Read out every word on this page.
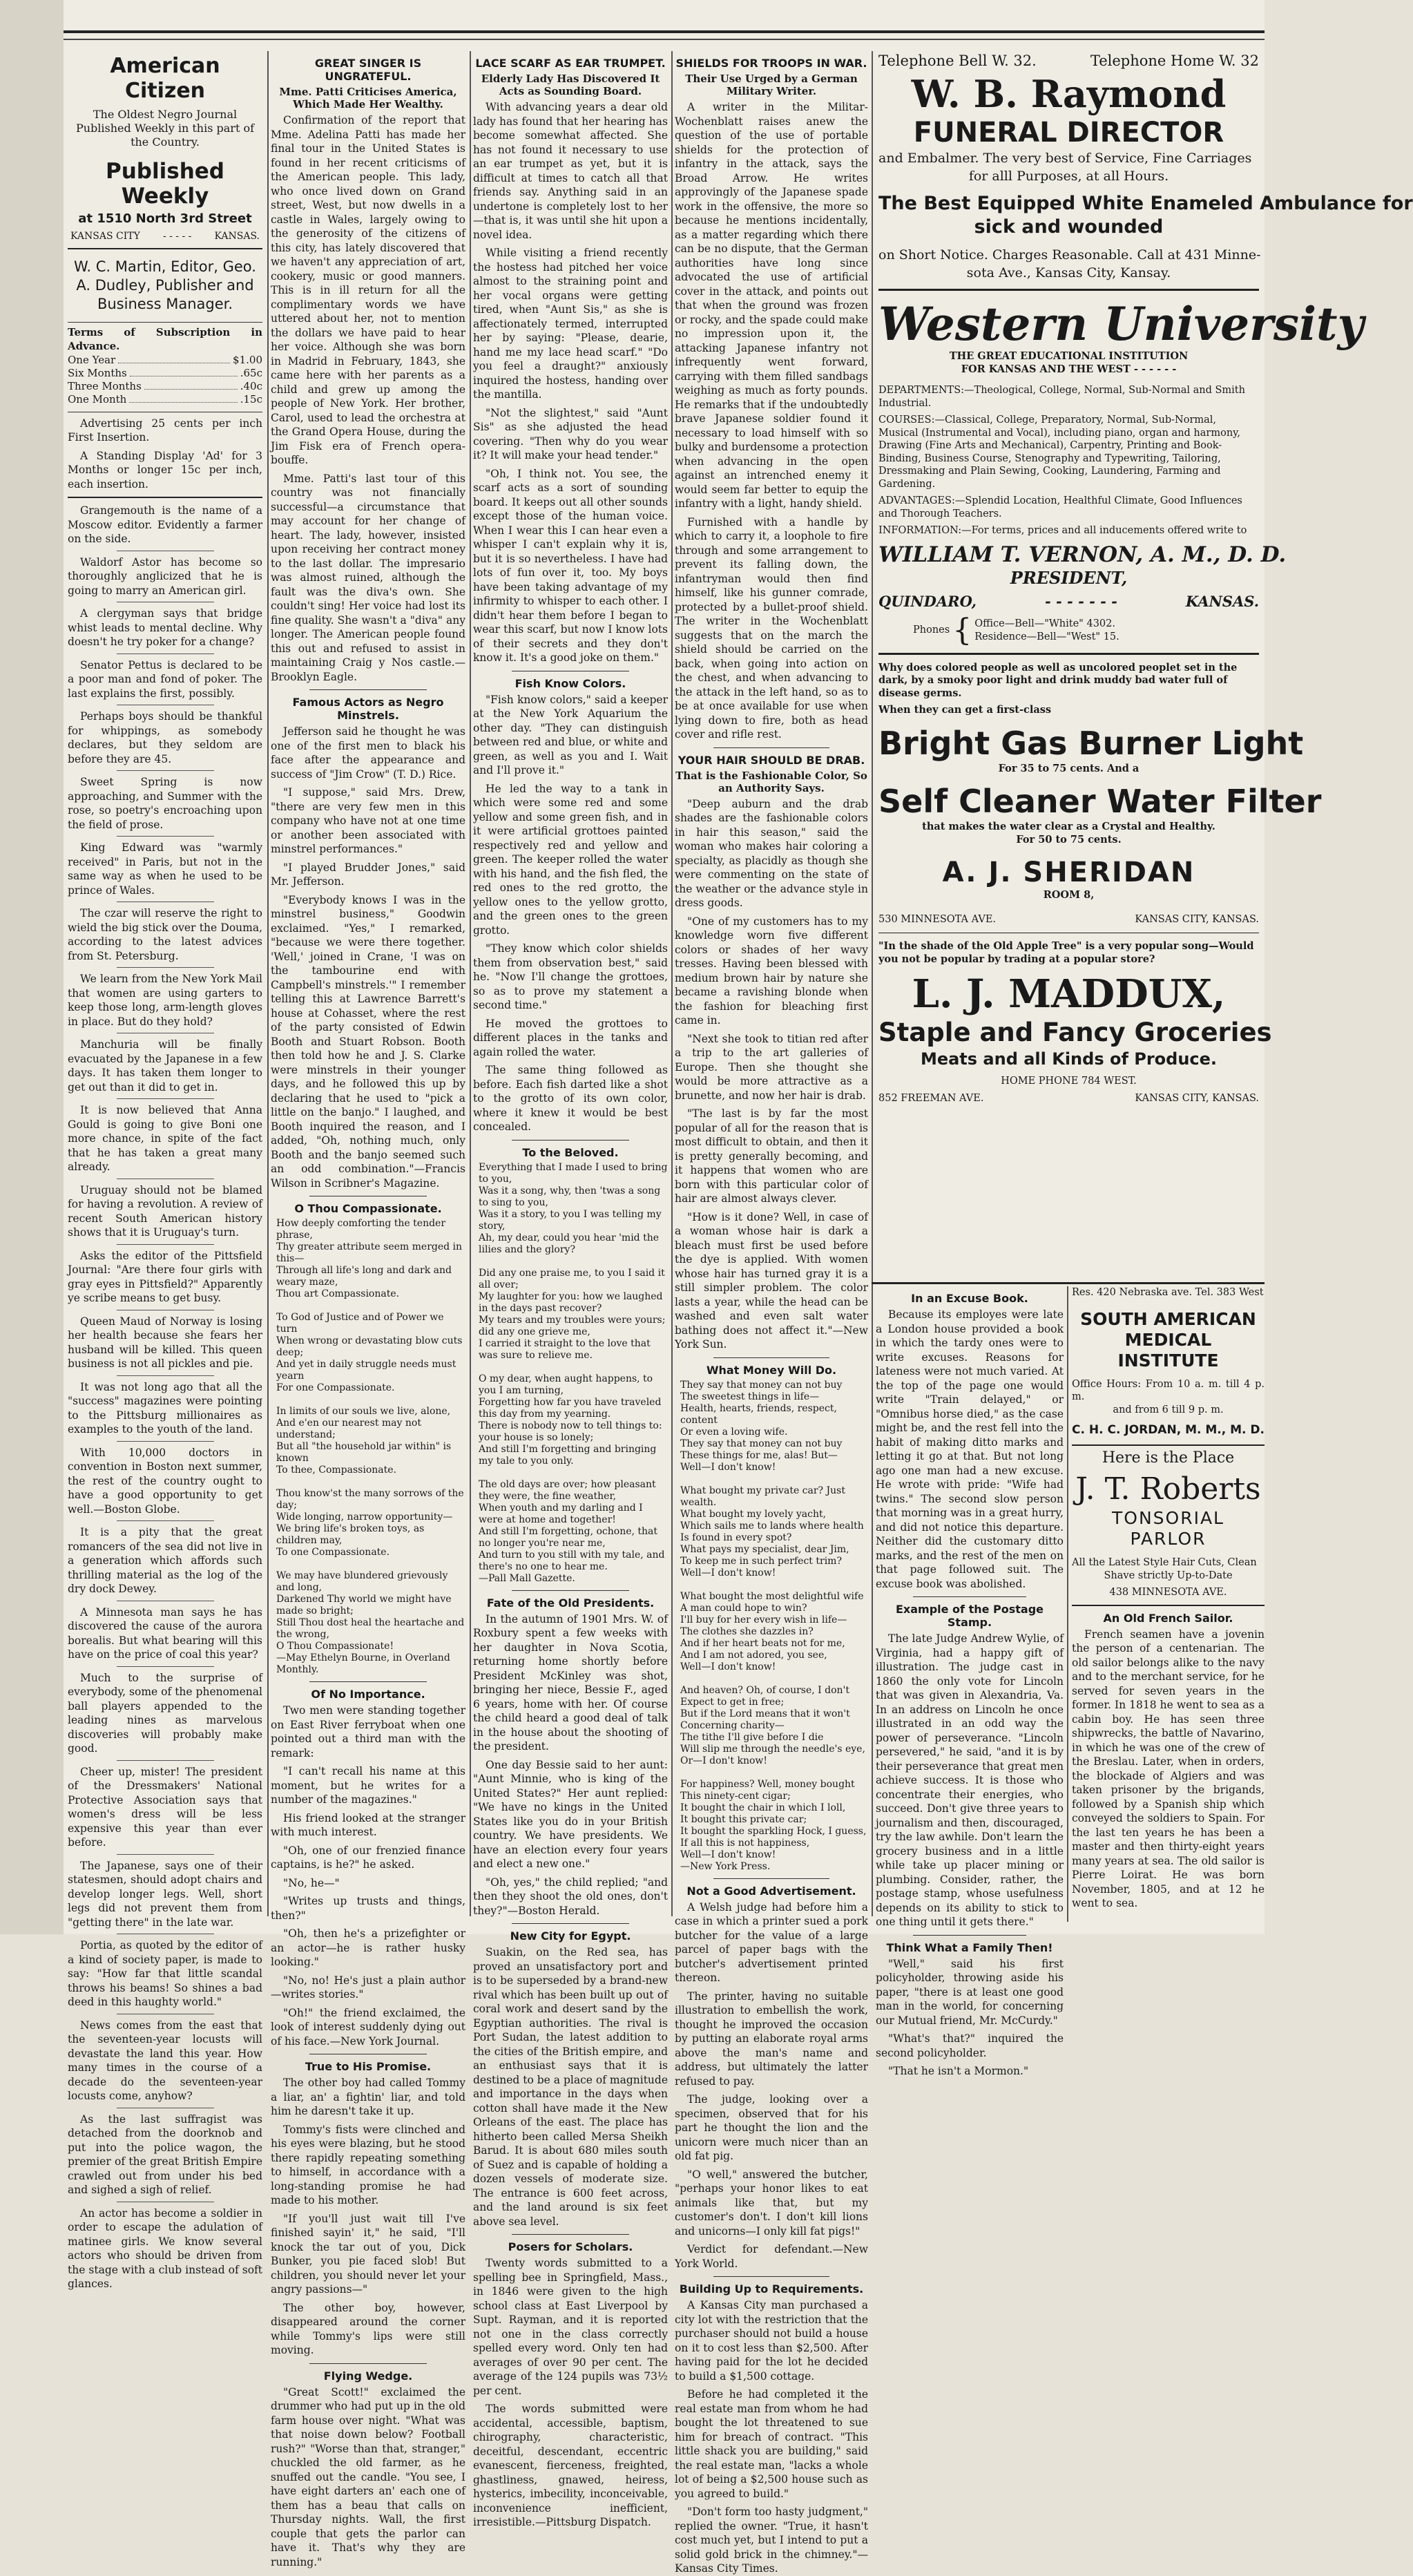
American Citizen
The Oldest Negro Journal Published Weekly in this part of the Country.
Published Weekly
at 1510 North 3rd Street
KANSAS CITY - - - - - KANSAS.
W. C. Martin, Editor, Geo. A. Dudley, Publisher and Business Manager.
Terms of Subscription in Advance.
One Year	$1.00
Six Months	.65c
Three Months	.40c
One Month	.15c

Advertising 25 cents per inch First Insertion.

A Standing Display 'Ad' for 3 Months or longer 15c per inch, each insertion.

Grangemouth is the name of a Moscow editor. Evidently a farmer on the side.

Waldorf Astor has become so thoroughly anglicized that he is going to marry an American girl.

A clergyman says that bridge whist leads to mental decline. Why doesn't he try poker for a change?

Senator Pettus is declared to be a poor man and fond of poker. The last explains the first, possibly.

Perhaps boys should be thankful for whippings, as somebody declares, but they seldom are before they are 45.

Sweet Spring is now approaching, and Summer with the rose, so poetry's encroaching upon the field of prose.

King Edward was "warmly received" in Paris, but not in the same way as when he used to be prince of Wales.

The czar will reserve the right to wield the big stick over the Douma, according to the latest advices from St. Petersburg.

We learn from the New York Mail that women are using garters to keep those long, arm-length gloves in place. But do they hold?

Manchuria will be finally evacuated by the Japanese in a few days. It has taken them longer to get out than it did to get in.

It is now believed that Anna Gould is going to give Boni one more chance, in spite of the fact that he has taken a great many already.

Uruguay should not be blamed for having a revolution. A review of recent South American history shows that it is Uruguay's turn.

Asks the editor of the Pittsfield Journal: "Are there four girls with gray eyes in Pittsfield?" Apparently ye scribe means to get busy.

Queen Maud of Norway is losing her health because she fears her husband will be killed. This queen business is not all pickles and pie.

It was not long ago that all the "success" magazines were pointing to the Pittsburg millionaires as examples to the youth of the land.

With 10,000 doctors in convention in Boston next summer, the rest of the country ought to have a good opportunity to get well.—Boston Globe.

It is a pity that the great romancers of the sea did not live in a generation which affords such thrilling material as the log of the dry dock Dewey.

A Minnesota man says he has discovered the cause of the aurora borealis. But what bearing will this have on the price of coal this year?

Much to the surprise of everybody, some of the phenomenal ball players appended to the leading nines as marvelous discoveries will probably make good.

Cheer up, mister! The president of the Dressmakers' National Protective Association says that women's dress will be less expensive this year than ever before.

The Japanese, says one of their statesmen, should adopt chairs and develop longer legs. Well, short legs did not prevent them from "getting there" in the late war.

Portia, as quoted by the editor of a kind of society paper, is made to say: "How far that little scandal throws his beams! So shines a bad deed in this haughty world."

News comes from the east that the seventeen-year locusts will devastate the land this year. How many times in the course of a decade do the seventeen-year locusts come, anyhow?

As the last suffragist was detached from the doorknob and put into the police wagon, the premier of the great British Empire crawled out from under his bed and sighed a sigh of relief.

An actor has become a soldier in order to escape the adulation of matinee girls. We know several actors who should be driven from the stage with a club instead of soft glances.

GREAT SINGER IS UNGRATEFUL.
Mme. Patti Criticises America, Which Made Her Wealthy.

Confirmation of the report that Mme. Adelina Patti has made her final tour in the United States is found in her recent criticisms of the American people. This lady, who once lived down on Grand street, West, but now dwells in a castle in Wales, largely owing to the generosity of the citizens of this city, has lately discovered that we haven't any appreciation of art, cookery, music or good manners. This is in ill return for all the complimentary words we have uttered about her, not to mention the dollars we have paid to hear her voice. Although she was born in Madrid in February, 1843, she came here with her parents as a child and grew up among the people of New York. Her brother, Carol, used to lead the orchestra at the Grand Opera House, during the Jim Fisk era of French opera-bouffe.

Mme. Patti's last tour of this country was not financially successful—a circumstance that may account for her change of heart. The lady, however, insisted upon receiving her contract money to the last dollar. The impresario was almost ruined, although the fault was the diva's own. She couldn't sing! Her voice had lost its fine quality. She wasn't a "diva" any longer. The American people found this out and refused to assist in maintaining Craig y Nos castle.—Brooklyn Eagle.

Famous Actors as Negro Minstrels.

Jefferson said he thought he was one of the first men to black his face after the appearance and success of "Jim Crow" (T. D.) Rice.

"I suppose," said Mrs. Drew, "there are very few men in this company who have not at one time or another been associated with minstrel performances."

"I played Brudder Jones," said Mr. Jefferson.

"Everybody knows I was in the minstrel business," Goodwin exclaimed. "Yes," I remarked, "because we were there together. 'Well,' joined in Crane, 'I was on the tambourine end with Campbell's minstrels.'" I remember telling this at Lawrence Barrett's house at Cohasset, where the rest of the party consisted of Edwin Booth and Stuart Robson. Booth then told how he and J. S. Clarke were minstrels in their younger days, and he followed this up by declaring that he used to "pick a little on the banjo." I laughed, and Booth inquired the reason, and I added, "Oh, nothing much, only Booth and the banjo seemed such an odd combination."—Francis Wilson in Scribner's Magazine.

O Thou Compassionate.
How deeply comforting the tender phrase,
Thy greater attribute seem merged in this—
Through all life's long and dark and weary maze,
Thou art Compassionate.

To God of Justice and of Power we turn
When wrong or devastating blow cuts deep;
And yet in daily struggle needs must yearn
For one Compassionate.

In limits of our souls we live, alone,
And e'en our nearest may not understand;
But all "the household jar within" is known
To thee, Compassionate.

Thou know'st the many sorrows of the day;
Wide longing, narrow opportunity—
We bring life's broken toys, as children may,
To one Compassionate.

We may have blundered grievously and long,
Darkened Thy world we might have made so bright;
Still Thou dost heal the heartache and the wrong,
O Thou Compassionate!
—May Ethelyn Bourne, in Overland Monthly.
Of No Importance.

Two men were standing together on East River ferryboat when one pointed out a third man with the remark:

"I can't recall his name at this moment, but he writes for a number of the magazines."

His friend looked at the stranger with much interest.

"Oh, one of our frenzied finance captains, is he?" he asked.

"No, he—"

"Writes up trusts and things, then?"

"Oh, then he's a prizefighter or an actor—he is rather husky looking."

"No, no! He's just a plain author—writes stories."

"Oh!" the friend exclaimed, the look of interest suddenly dying out of his face.—New York Journal.

True to His Promise.

The other boy had called Tommy a liar, an' a fightin' liar, and told him he daresn't take it up.

Tommy's fists were clinched and his eyes were blazing, but he stood there rapidly repeating something to himself, in accordance with a long-standing promise he had made to his mother.

"If you'll just wait till I've finished sayin' it," he said, "I'll knock the tar out of you, Dick Bunker, you pie faced slob! But children, you should never let your angry passions—"

The other boy, however, disappeared around the corner while Tommy's lips were still moving.

Flying Wedge.

"Great Scott!" exclaimed the drummer who had put up in the old farm house over night. "What was that noise down below? Football rush?" "Worse than that, stranger," chuckled the old farmer, as he snuffed out the candle. "You see, I have eight darters an' each one of them has a beau that calls on Thursday nights. Wall, the first couple that gets the parlor can have it. That's why they are running."

LACE SCARF AS EAR TRUMPET.
Elderly Lady Has Discovered It Acts as Sounding Board.

With advancing years a dear old lady has found that her hearing has become somewhat affected. She has not found it necessary to use an ear trumpet as yet, but it is difficult at times to catch all that friends say. Anything said in an undertone is completely lost to her—that is, it was until she hit upon a novel idea.

While visiting a friend recently the hostess had pitched her voice almost to the straining point and her vocal organs were getting tired, when "Aunt Sis," as she is affectionately termed, interrupted her by saying: "Please, dearie, hand me my lace head scarf." "Do you feel a draught?" anxiously inquired the hostess, handing over the mantilla.

"Not the slightest," said "Aunt Sis" as she adjusted the head covering. "Then why do you wear it? It will make your head tender."

"Oh, I think not. You see, the scarf acts as a sort of sounding board. It keeps out all other sounds except those of the human voice. When I wear this I can hear even a whisper I can't explain why it is, but it is so nevertheless. I have had lots of fun over it, too. My boys have been taking advantage of my infirmity to whisper to each other. I didn't hear them before I began to wear this scarf, but now I know lots of their secrets and they don't know it. It's a good joke on them."

Fish Know Colors.

"Fish know colors," said a keeper at the New York Aquarium the other day. "They can distinguish between red and blue, or white and green, as well as you and I. Wait and I'll prove it."

He led the way to a tank in which were some red and some yellow and some green fish, and in it were artificial grottoes painted respectively red and yellow and green. The keeper rolled the water with his hand, and the fish fled, the red ones to the red grotto, the yellow ones to the yellow grotto, and the green ones to the green grotto.

"They know which color shields them from observation best," said he. "Now I'll change the grottoes, so as to prove my statement a second time."

He moved the grottoes to different places in the tanks and again rolled the water.

The same thing followed as before. Each fish darted like a shot to the grotto of its own color, where it knew it would be best concealed.

To the Beloved.
Everything that I made I used to bring to you,
Was it a song, why, then 'twas a song to sing to you,
Was it a story, to you I was telling my story,
Ah, my dear, could you hear 'mid the lilies and the glory?

Did any one praise me, to you I said it all over;
My laughter for you: how we laughed in the days past recover?
My tears and my troubles were yours; did any one grieve me,
I carried it straight to the love that was sure to relieve me.

O my dear, when aught happens, to you I am turning,
Forgetting how far you have traveled this day from my yearning.
There is nobody now to tell things to: your house is so lonely;
And still I'm forgetting and bringing my tale to you only.

The old days are over; how pleasant they were, the fine weather,
When youth and my darling and I were at home and together!
And still I'm forgetting, ochone, that no longer you're near me,
And turn to you still with my tale, and there's no one to hear me.
—Pall Mall Gazette.
Fate of the Old Presidents.

In the autumn of 1901 Mrs. W. of Roxbury spent a few weeks with her daughter in Nova Scotia, returning home shortly before President McKinley was shot, bringing her niece, Bessie F., aged 6 years, home with her. Of course the child heard a good deal of talk in the house about the shooting of the president.

One day Bessie said to her aunt: "Aunt Minnie, who is king of the United States?" Her aunt replied: "We have no kings in the United States like you do in your British country. We have presidents. We have an election every four years and elect a new one."

"Oh, yes," the child replied; "and then they shoot the old ones, don't they?"—Boston Herald.

New City for Egypt.

Suakin, on the Red sea, has proved an unsatisfactory port and is to be superseded by a brand-new rival which has been built up out of coral work and desert sand by the Egyptian authorities. The rival is Port Sudan, the latest addition to the cities of the British empire, and an enthusiast says that it is destined to be a place of magnitude and importance in the days when cotton shall have made it the New Orleans of the east. The place has hitherto been called Mersa Sheikh Barud. It is about 680 miles south of Suez and is capable of holding a dozen vessels of moderate size. The entrance is 600 feet across, and the land around is six feet above sea level.

Posers for Scholars.

Twenty words submitted to a spelling bee in Springfield, Mass., in 1846 were given to the high school class at East Liverpool by Supt. Rayman, and it is reported not one in the class correctly spelled every word. Only ten had averages of over 90 per cent. The average of the 124 pupils was 73½ per cent.

The words submitted were accidental, accessible, baptism, chirography, characteristic, deceitful, descendant, eccentric evanescent, fierceness, freighted, ghastliness, gnawed, heiress, hysterics, imbecility, inconceivable, inconvenience inefficient, irresistible.—Pittsburg Dispatch.

SHIELDS FOR TROOPS IN WAR.
Their Use Urged by a German Military Writer.

A writer in the Militar-Wochenblatt raises anew the question of the use of portable shields for the protection of infantry in the attack, says the Broad Arrow. He writes approvingly of the Japanese spade work in the offensive, the more so because he mentions incidentally, as a matter regarding which there can be no dispute, that the German authorities have long since advocated the use of artificial cover in the attack, and points out that when the ground was frozen or rocky, and the spade could make no impression upon it, the attacking Japanese infantry not infrequently went forward, carrying with them filled sandbags weighing as much as forty pounds. He remarks that if the undoubtedly brave Japanese soldier found it necessary to load himself with so bulky and burdensome a protection when advancing in the open against an intrenched enemy it would seem far better to equip the infantry with a light, handy shield.

Furnished with a handle by which to carry it, a loophole to fire through and some arrangement to prevent its falling down, the infantryman would then find himself, like his gunner comrade, protected by a bullet-proof shield. The writer in the Wochenblatt suggests that on the march the shield should be carried on the back, when going into action on the chest, and when advancing to the attack in the left hand, so as to be at once available for use when lying down to fire, both as head cover and rifle rest.

YOUR HAIR SHOULD BE DRAB.
That is the Fashionable Color, So an Authority Says.

"Deep auburn and the drab shades are the fashionable colors in hair this season," said the woman who makes hair coloring a specialty, as placidly as though she were commenting on the state of the weather or the advance style in dress goods.

"One of my customers has to my knowledge worn five different colors or shades of her wavy tresses. Having been blessed with medium brown hair by nature she became a ravishing blonde when the fashion for bleaching first came in.

"Next she took to titian red after a trip to the art galleries of Europe. Then she thought she would be more attractive as a brunette, and now her hair is drab.

"The last is by far the most popular of all for the reason that is most difficult to obtain, and then it is pretty generally becoming, and it happens that women who are born with this particular color of hair are almost always clever.

"How is it done? Well, in case of a woman whose hair is dark a bleach must first be used before the dye is applied. With women whose hair has turned gray it is a still simpler problem. The color lasts a year, while the head can be washed and even salt water bathing does not affect it."—New York Sun.

What Money Will Do.
They say that money can not buy
The sweetest things in life—
Health, hearts, friends, respect, content
Or even a loving wife.
They say that money can not buy
These things for me, alas! But—
Well—I don't know!

What bought my private car? Just wealth.
What bought my lovely yacht,
Which sails me to lands where health
Is found in every spot?
What pays my specialist, dear Jim,
To keep me in such perfect trim?
Well—I don't know!

What bought the most delightful wife
A man could hope to win?
I'll buy for her every wish in life—
The clothes she dazzles in?
And if her heart beats not for me,
And I am not adored, you see,
Well—I don't know!

And heaven? Oh, of course, I don't
Expect to get in free;
But if the Lord means that it won't
Concerning charity—
The tithe I'll give before I die
Will slip me through the needle's eye,
Or—I don't know!

For happiness? Well, money bought
This ninety-cent cigar;
It bought the chair in which I loll,
It bought this private car;
It bought the sparkling Hock, I guess,
If all this is not happiness,
Well—I don't know!
—New York Press.
Not a Good Advertisement.

A Welsh judge had before him a case in which a printer sued a pork butcher for the value of a large parcel of paper bags with the butcher's advertisement printed thereon.

The printer, having no suitable illustration to embellish the work, thought he improved the occasion by putting an elaborate royal arms above the man's name and address, but ultimately the latter refused to pay.

The judge, looking over a specimen, observed that for his part he thought the lion and the unicorn were much nicer than an old fat pig.

"O well," answered the butcher, "perhaps your honor likes to eat animals like that, but my customer's don't. I don't kill lions and unicorns—I only kill fat pigs!"

Verdict for defendant.—New York World.

Building Up to Requirements.

A Kansas City man purchased a city lot with the restriction that the purchaser should not build a house on it to cost less than $2,500. After having paid for the lot he decided to build a $1,500 cottage.

Before he had completed it the real estate man from whom he had bought the lot threatened to sue him for breach of contract. "This little shack you are building," said the real estate man, "lacks a whole lot of being a $2,500 house such as you agreed to build."

"Don't form too hasty judgment," replied the owner. "True, it hasn't cost much yet, but I intend to put a solid gold brick in the chimney."—Kansas City Times.

Telephone Bell W. 32.	Telephone Home W. 32
W. B. Raymond
FUNERAL DIRECTOR
and Embalmer. The very best of Service, Fine Carriages
for alll Purposes, at all Hours.
The Best Equipped White Enameled Ambulance for
sick and wounded
on Short Notice. Charges Reasonable. Call at 431 Minne-
sota Ave., Kansas City, Kansay.
Western University
THE GREAT EDUCATIONAL INSTITUTION
FOR KANSAS AND THE WEST - - - - - -
DEPARTMENTS:—Theological, College, Normal, Sub-Normal and Smith Industrial.
COURSES:—Classical, College, Preparatory, Normal, Sub-Normal, Musical (Instrumental and Vocal), including piano, organ and harmony, Drawing (Fine Arts and Mechanical), Carpentry, Printing and Book-Binding, Business Course, Stenography and Typewriting, Tailoring, Dressmaking and Plain Sewing, Cooking, Laundering, Farming and Gardening.
ADVANTAGES:—Splendid Location, Healthful Climate, Good Influences and Thorough Teachers.
INFORMATION:—For terms, prices and all inducements offered write to
WILLIAM T. VERNON, A. M., D. D.
PRESIDENT,
QUINDARO,	- - - - - - -	KANSAS.
Phones { Office—Bell—"White" 4302.
Residence—Bell—"West" 15.
Why does colored people as well as uncolored peoplet set in the dark, by a smoky poor light and drink muddy bad water full of disease germs.
When they can get a first-class
Bright Gas Burner Light
For 35 to 75 cents. And a
Self Cleaner Water Filter
that makes the water clear as a Crystal and Healthy.
For 50 to 75 cents.
A. J. SHERIDAN
ROOM 8,
530 MINNESOTA AVE.	KANSAS CITY, KANSAS.
"In the shade of the Old Apple Tree" is a very popular song—Would you not be popular by trading at a popular store?
L. J. MADDUX,
Staple and Fancy Groceries
Meats and all Kinds of Produce.
HOME PHONE 784 WEST.
852 FREEMAN AVE.	KANSAS CITY, KANSAS.
In an Excuse Book.

Because its employes were late a London house provided a book in which the tardy ones were to write excuses. Reasons for lateness were not much varied. At the top of the page one would write "Train delayed," or "Omnibus horse died," as the case might be, and the rest fell into the habit of making ditto marks and letting it go at that. But not long ago one man had a new excuse. He wrote with pride: "Wife had twins." The second slow person that morning was in a great hurry, and did not notice this departure. Neither did the customary ditto marks, and the rest of the men on that page followed suit. The excuse book was abolished.

Example of the Postage Stamp.

The late Judge Andrew Wylie, of Virginia, had a happy gift of illustration. The judge cast in 1860 the only vote for Lincoln that was given in Alexandria, Va. In an address on Lincoln he once illustrated in an odd way the power of perseverance. "Lincoln persevered," he said, "and it is by their perseverance that great men achieve success. It is those who concentrate their energies, who succeed. Don't give three years to journalism and then, discouraged, try the law awhile. Don't learn the grocery business and in a little while take up placer mining or plumbing. Consider, rather, the postage stamp, whose usefulness depends on its ability to stick to one thing until it gets there."

Think What a Family Then!

"Well," said his first policyholder, throwing aside his paper, "there is at least one good man in the world, for concerning our Mutual friend, Mr. McCurdy."

"What's that?" inquired the second policyholder.

"That he isn't a Mormon."

Res. 420 Nebraska ave. Tel. 383 West
SOUTH AMERICAN
MEDICAL INSTITUTE
Office Hours: From 10 a. m. till 4 p. m.
and from 6 till 9 p. m.
C. H. C. JORDAN, M. M., M. D.
Here is the Place
J. T. Roberts
TONSORIAL PARLOR
All the Latest Style Hair Cuts, Clean
Shave strictly Up-to-Date
438 MINNESOTA AVE.
An Old French Sailor.

French seamen have a jovenin the person of a centenarian. The old sailor belongs alike to the navy and to the merchant service, for he served for seven years in the former. In 1818 he went to sea as a cabin boy. He has seen three shipwrecks, the battle of Navarino, in which he was one of the crew of the Breslau. Later, when in orders, the blockade of Algiers and was taken prisoner by the brigands, followed by a Spanish ship which conveyed the soldiers to Spain. For the last ten years he has been a master and then thirty-eight years many years at sea. The old sailor is Pierre Loirat. He was born November, 1805, and at 12 he went to sea.
